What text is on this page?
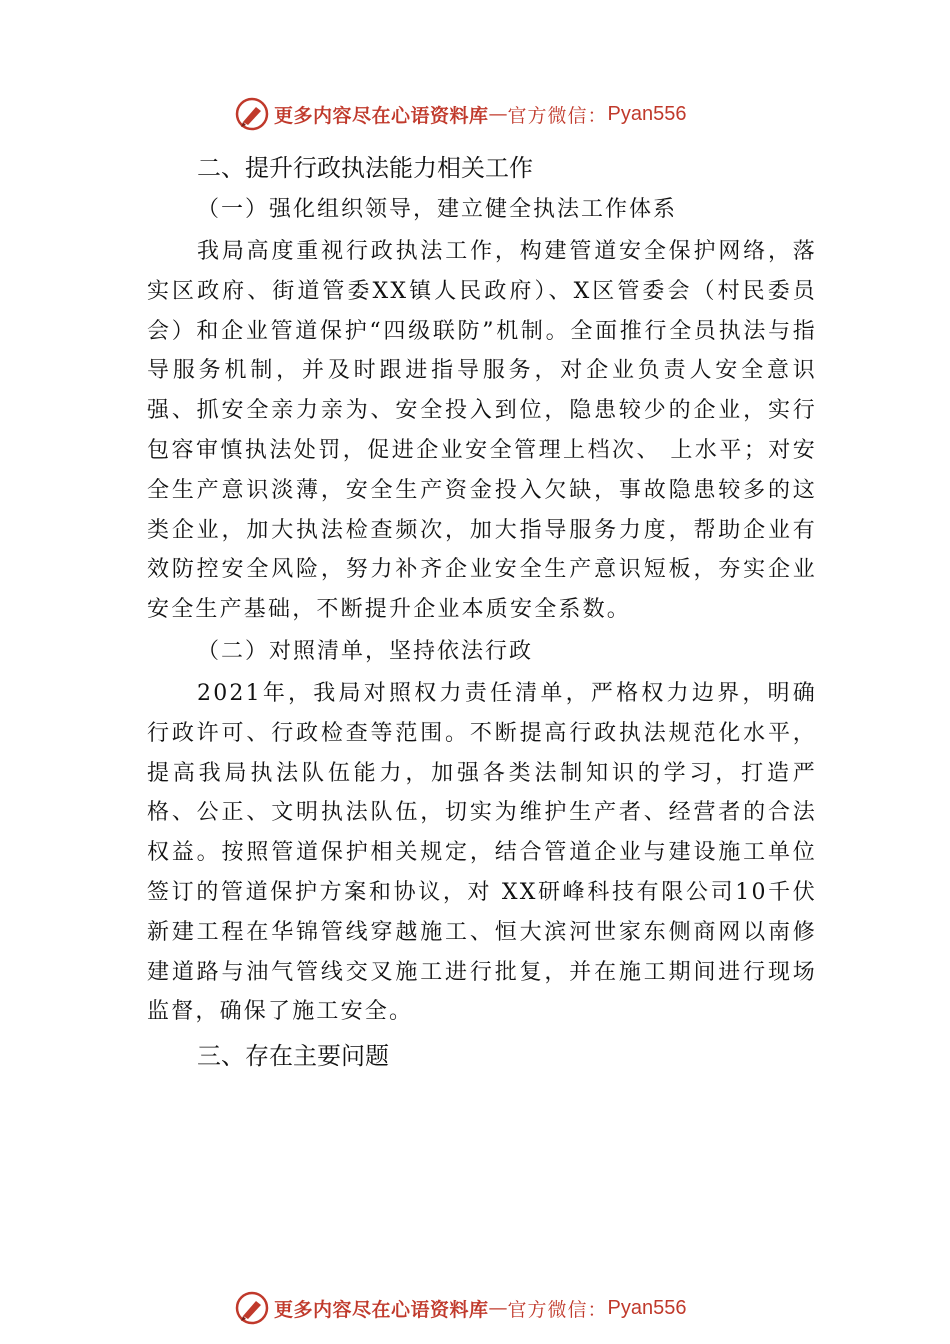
更多内容尽在心语资料库 — 官方微信： Pyan556
二、提升行政执法能力相关工作
（一）强化组织领导，建立健全执法工作体系

我局高度重视行政执法工作，构建管道安全保护网络，落实区政府、街道管委XX镇人民政府）、X区管委会（村民委员会）和企业管道保护“四级联防”机制。全面推行全员执法与指导服务机制，并及时跟进指导服务，对企业负责人安全意识强、抓安全亲力亲为、安全投入到位，隐患较少的企业，实行包容审慎执法处罚，促进企业安全管理上档次、 上水平；对安全生产意识淡薄，安全生产资金投入欠缺，事故隐患较多的这类企业，加大执法检查频次，加大指导服务力度，帮助企业有效防控安全风险，努力补齐企业安全生产意识短板，夯实企业安全生产基础，不断提升企业本质安全系数。

（二）对照清单，坚持依法行政

2021年，我局对照权力责任清单，严格权力边界，明确行政许可、行政检查等范围。不断提高行政执法规范化水平，提高我局执法队伍能力，加强各类法制知识的学习，打造严格、公正、文明执法队伍，切实为维护生产者、经营者的合法权益。按照管道保护相关规定，结合管道企业与建设施工单位签订的管道保护方案和协议，对 XX研峰科技有限公司10千伏新建工程在华锦管线穿越施工、恒大滨河世家东侧商网以南修建道路与油气管线交叉施工进行批复，并在施工期间进行现场监督，确保了施工安全。

三、存在主要问题
更多内容尽在心语资料库 — 官方微信： Pyan556
